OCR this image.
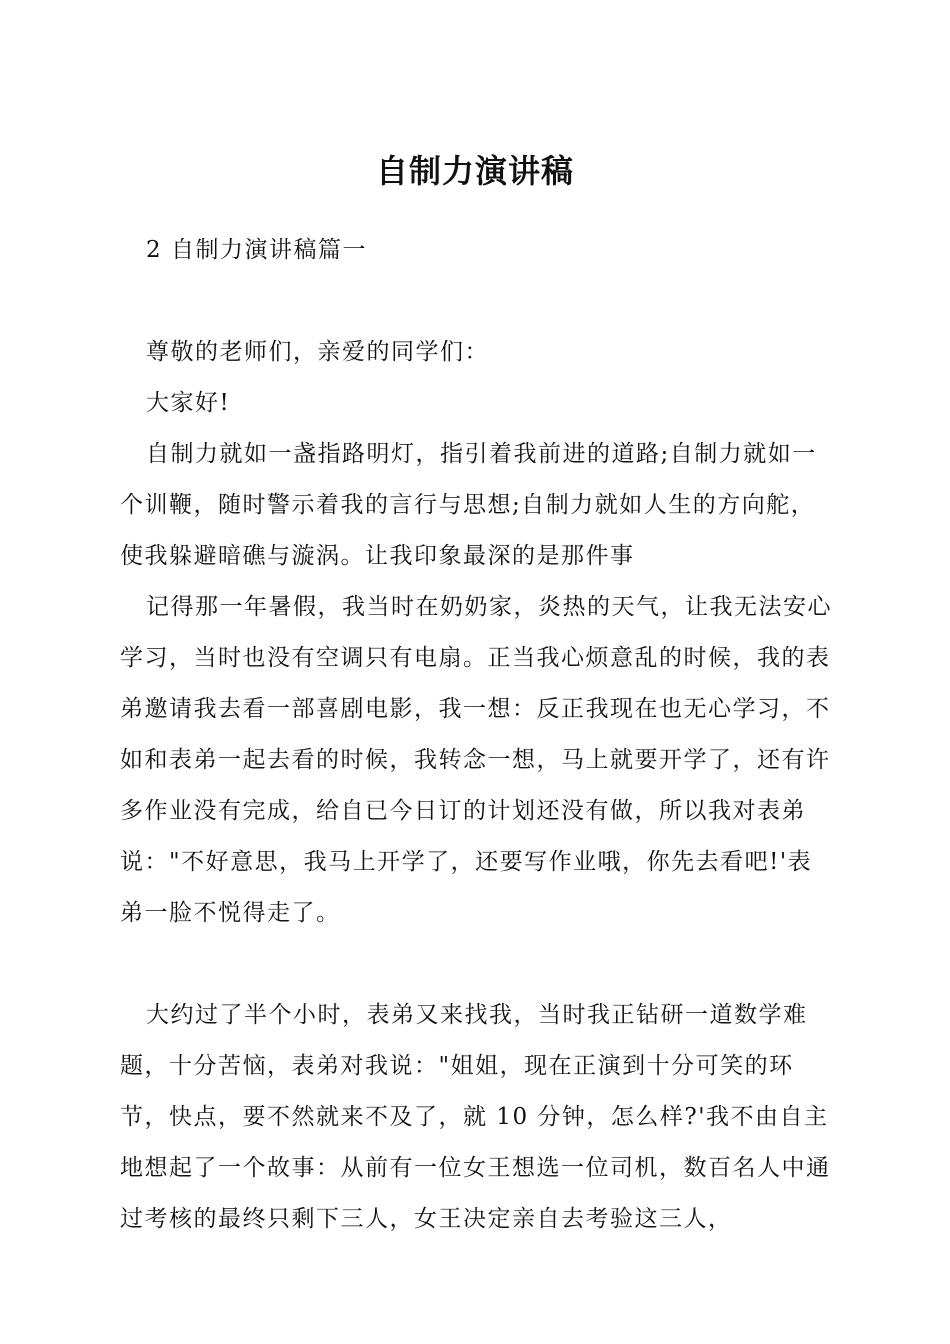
自制力演讲稿

2 自制力演讲稿篇一

尊敬的老师们，亲爱的同学们：

大家好!

自制力就如一盏指路明灯，指引着我前进的道路;自制力就如一个训鞭，随时警示着我的言行与思想;自制力就如人生的方向舵，使我躲避暗礁与漩涡。让我印象最深的是那件事

记得那一年暑假，我当时在奶奶家，炎热的天气，让我无法安心学习，当时也没有空调只有电扇。正当我心烦意乱的时候，我的表弟邀请我去看一部喜剧电影，我一想：反正我现在也无心学习，不如和表弟一起去看的时候，我转念一想，马上就要开学了，还有许多作业没有完成，给自已今日订的计划还没有做，所以我对表弟说："不好意思，我马上开学了，还要写作业哦，你先去看吧!'表弟一脸不悦得走了。

大约过了半个小时，表弟又来找我，当时我正钻研一道数学难题，十分苦恼，表弟对我说："姐姐，现在正演到十分可笑的环节，快点，要不然就来不及了，就 10 分钟，怎么样?'我不由自主 地想起了一个故事：从前有一位女王想选一位司机，数百名人中通过考核的最终只剩下三人，女王决定亲自去考验这三人，
